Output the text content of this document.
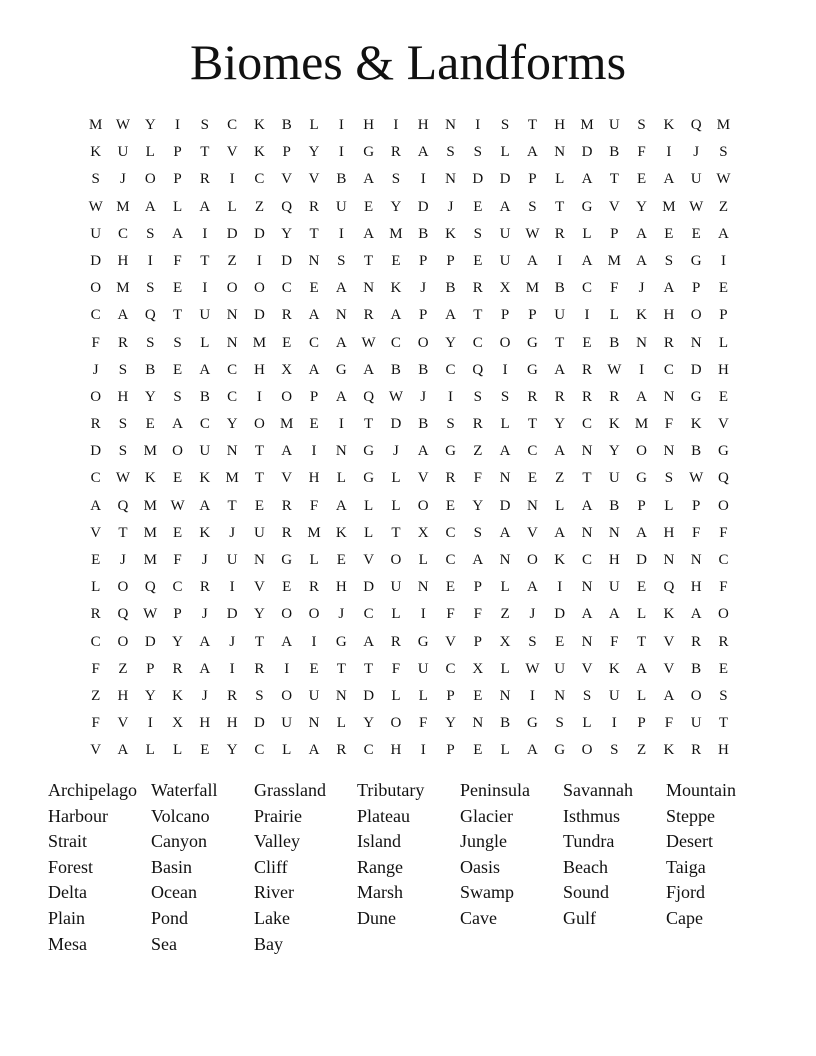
Biomes & Landforms
M W Y	I	S	C	K	B	L	I	H	I	H	N	I	S	T	H	M	U	S	K	Q	M
K	U	L	P	T	V	K	P	Y	I	G	R	A	S	S	L	A	N	D	B	F	I	J	S
S	J	O	P	R	I	C	V	V	B	A	S	I	N	D	D	P	L	A	T	E	A	U W
W M	A	L	A	L	Z	Q	R	U	E	Y	D	J	E	A	S	T	G	V	Y	M W	Z
U	C	S	A	I	D	D	Y	T	I	A	M	B	K	S	U W	R	L	P	A	E	E	A
D	H	I	F	T	Z	I	D	N	S	T	E	P	P	E	U	A	I	A	M	A	S	G	I
O	M	S	E	I	O	O	C	E	A	N	K	J	B	R	X	M	B	C	F	J	A	P	E
C	A	Q	T	U	N	D	R	A	N	R	A	P	A	T	P	P	U	I	L	K	H	O	P
F	R	S	S	L	N	M	E	C	A W	C	O	Y	C	O	G	T	E	B	N	R	N	L
J	S	B	E	A	C	H	X	A	G	A	B	B	C	Q	I	G	A	R	W	I	C	D	H
O	H	Y	S	B	C	I	O	P	A	Q W	J	I	S	S	R	R	R	R	A	N	G	E
R	S	E	A	C	Y	O	M	E	I	T	D	B	S	R	L	T	Y	C	K	M	F	K	V
D	S	M	O	U	N	T	A	I	N	G	J	A	G	Z	A	C	A	N	Y	O	N	B	G
C	W K	E	K	M	T	V	H	L	G	L	V	R	F	N	E	Z	T	U	G	S	W Q
A	Q	M W A	T	E	R	F	A	L	L	O	E	Y	D	N	L	A	B	P	L	P	O
V	T	M	E	K	J	U	R	M	K	L	T	X	C	S	A	V	A	N	N	A	H	F	F
E	J	M	F	J	U	N	G	L	E	V	O	L	C	A	N	O	K	C	H	D	N	N	C
L	O	Q	C	R	I	V	E	R	H	D	U	N	E	P	L	A	I	N	U	E	Q	H	F
R	Q W	P	J	D	Y	O	O	J	C	L	I	F	F	Z	J	D	A	A	L	K	A	O
C	O	D	Y	A	J	T	A	I	G	A	R	G	V	P	X	S	E	N	F	T	V	R	R
F	Z	P	R	A	I	R	I	E	T	T	F	U	C	X	L	W U	V	K	A	V	B	E
Z	H	Y	K	J	R	S	O	U	N	D	L	L	P	E	N	I	N	S	U	L	A	O	S
F	V	I	X	H	H	D	U	N	L	Y	O	F	Y	N	B	G	S	L	I	P	F	U	T
V	A	L	L	E	Y	C	L	A	R	C	H	I	P	E	L	A	G	O	S	Z	K	R	H
Archipelago Waterfall	Grassland	Tributary	Peninsula	Savannah	Mountain
Harbour	Volcano	Prairie	Plateau	Glacier	Isthmus	Steppe
Strait	Canyon	Valley	Island	Jungle	Tundra	Desert
Forest	Basin	Cliff	Range	Oasis	Beach	Taiga
Delta	Ocean	River	Marsh	Swamp	Sound	Fjord
Plain	Pond	Lake	Dune	Cave	Gulf	Cape
Mesa	Sea	Bay
